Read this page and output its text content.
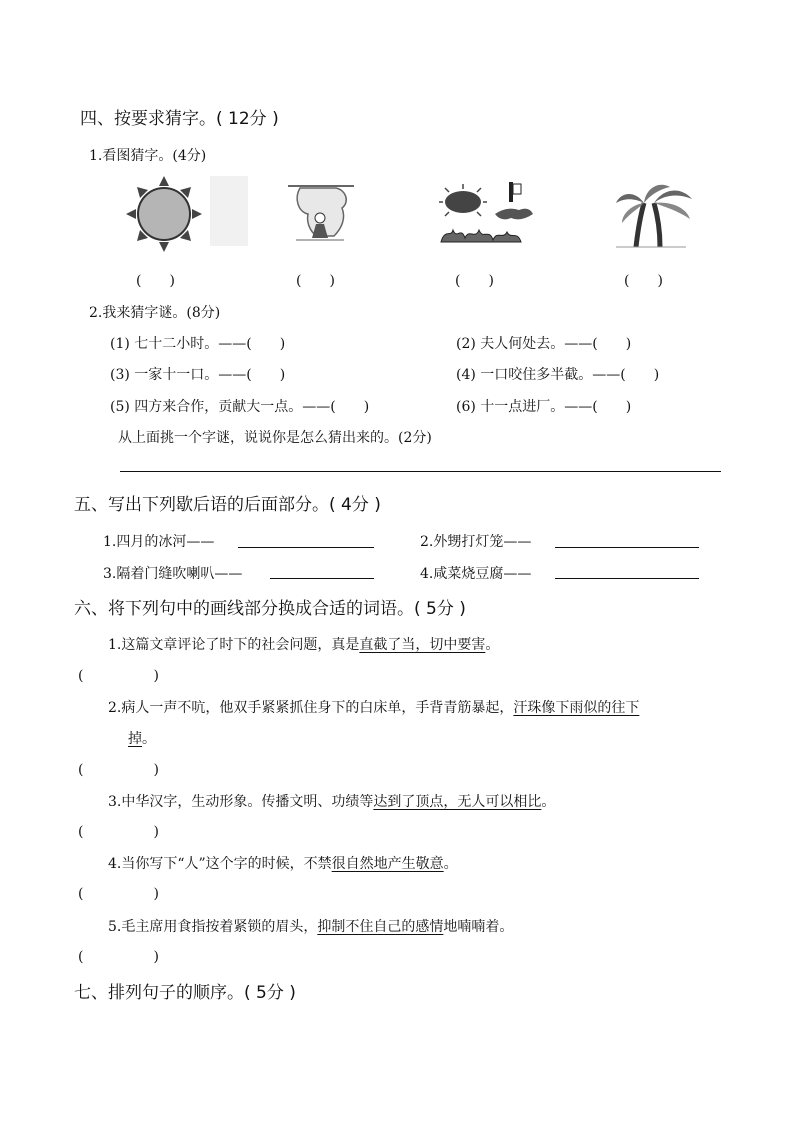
四、按要求猜字。( 12分 )
1.看图猜字。(4分)
(　　)	(　　)	(　　)	(　　)
2.我来猜字谜。(8分)
(1) 七十二小时。——(　　)	(2) 夫人何处去。——(　　)
(3) 一家十一口。——(　　)	(4) 一口咬住多半截。——(　　)
(5) 四方来合作，贡献大一点。——(　　)	(6) 十一点进厂。——(　　)
从上面挑一个字谜，说说你是怎么猜出来的。(2分)
五、写出下列歇后语的后面部分。( 4分 )
1.四月的冰河——	2.外甥打灯笼——
3.隔着门缝吹喇叭——	4.咸菜烧豆腐——
六、将下列句中的画线部分换成合适的词语。( 5分 )
1.这篇文章评论了时下的社会问题，真是直截了当，切中要害。
(　　　　　)
2.病人一声不吭，他双手紧紧抓住身下的白床单，手背青筋暴起，汗珠像下雨似的往下
掉。
(　　　　　)
3.中华汉字，生动形象。传播文明、功绩等达到了顶点，无人可以相比。
(　　　　　)
4.当你写下“人”这个字的时候，不禁很自然地产生敬意。
(　　　　　)
5.毛主席用食指按着紧锁的眉头，抑制不住自己的感情地喃喃着。
(　　　　　)
七、排列句子的顺序。( 5分 )
